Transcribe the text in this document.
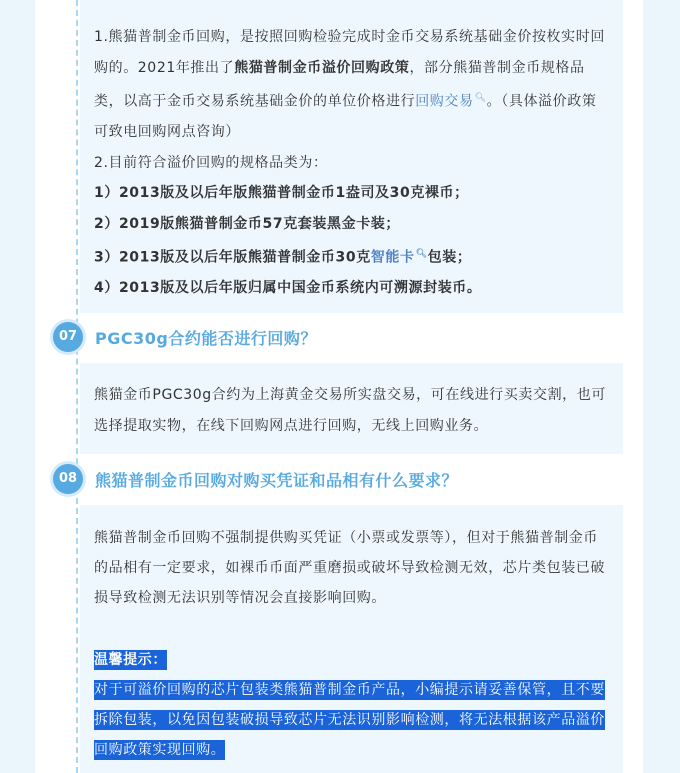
1.熊猫普制金币回购，是按照回购检验完成时金币交易系统基础金价按枚实时回购的。2021年推出了熊猫普制金币溢价回购政策，部分熊猫普制金币规格品类，以高于金币交易系统基础金价的单位价格进行回购交易🔍︎。（具体溢价政策可致电回购网点咨询）

2.目前符合溢价回购的规格品类为：

1）2013版及以后年版熊猫普制金币1盎司及30克裸币；

2）2019版熊猫普制金币57克套装黑金卡装；

3）2013版及以后年版熊猫普制金币30克智能卡🔍︎包装；

4）2013版及以后年版归属中国金币系统内可溯源封装币。

07	PGC30g合约能否进行回购？

熊猫金币PGC30g合约为上海黄金交易所实盘交易，可在线进行买卖交割，也可选择提取实物，在线下回购网点进行回购，无线上回购业务。

08	熊猫普制金币回购对购买凭证和品相有什么要求？

熊猫普制金币回购不强制提供购买凭证（小票或发票等），但对于熊猫普制金币的品相有一定要求，如裸币币面严重磨损或破坏导致检测无效，芯片类包装已破损导致检测无法识别等情况会直接影响回购。

温馨提示：

对于可溢价回购的芯片包装类熊猫普制金币产品，小编提示请妥善保管，且不要拆除包装，以免因包装破损导致芯片无法识别影响检测，将无法根据该产品溢价回购政策实现回购。
